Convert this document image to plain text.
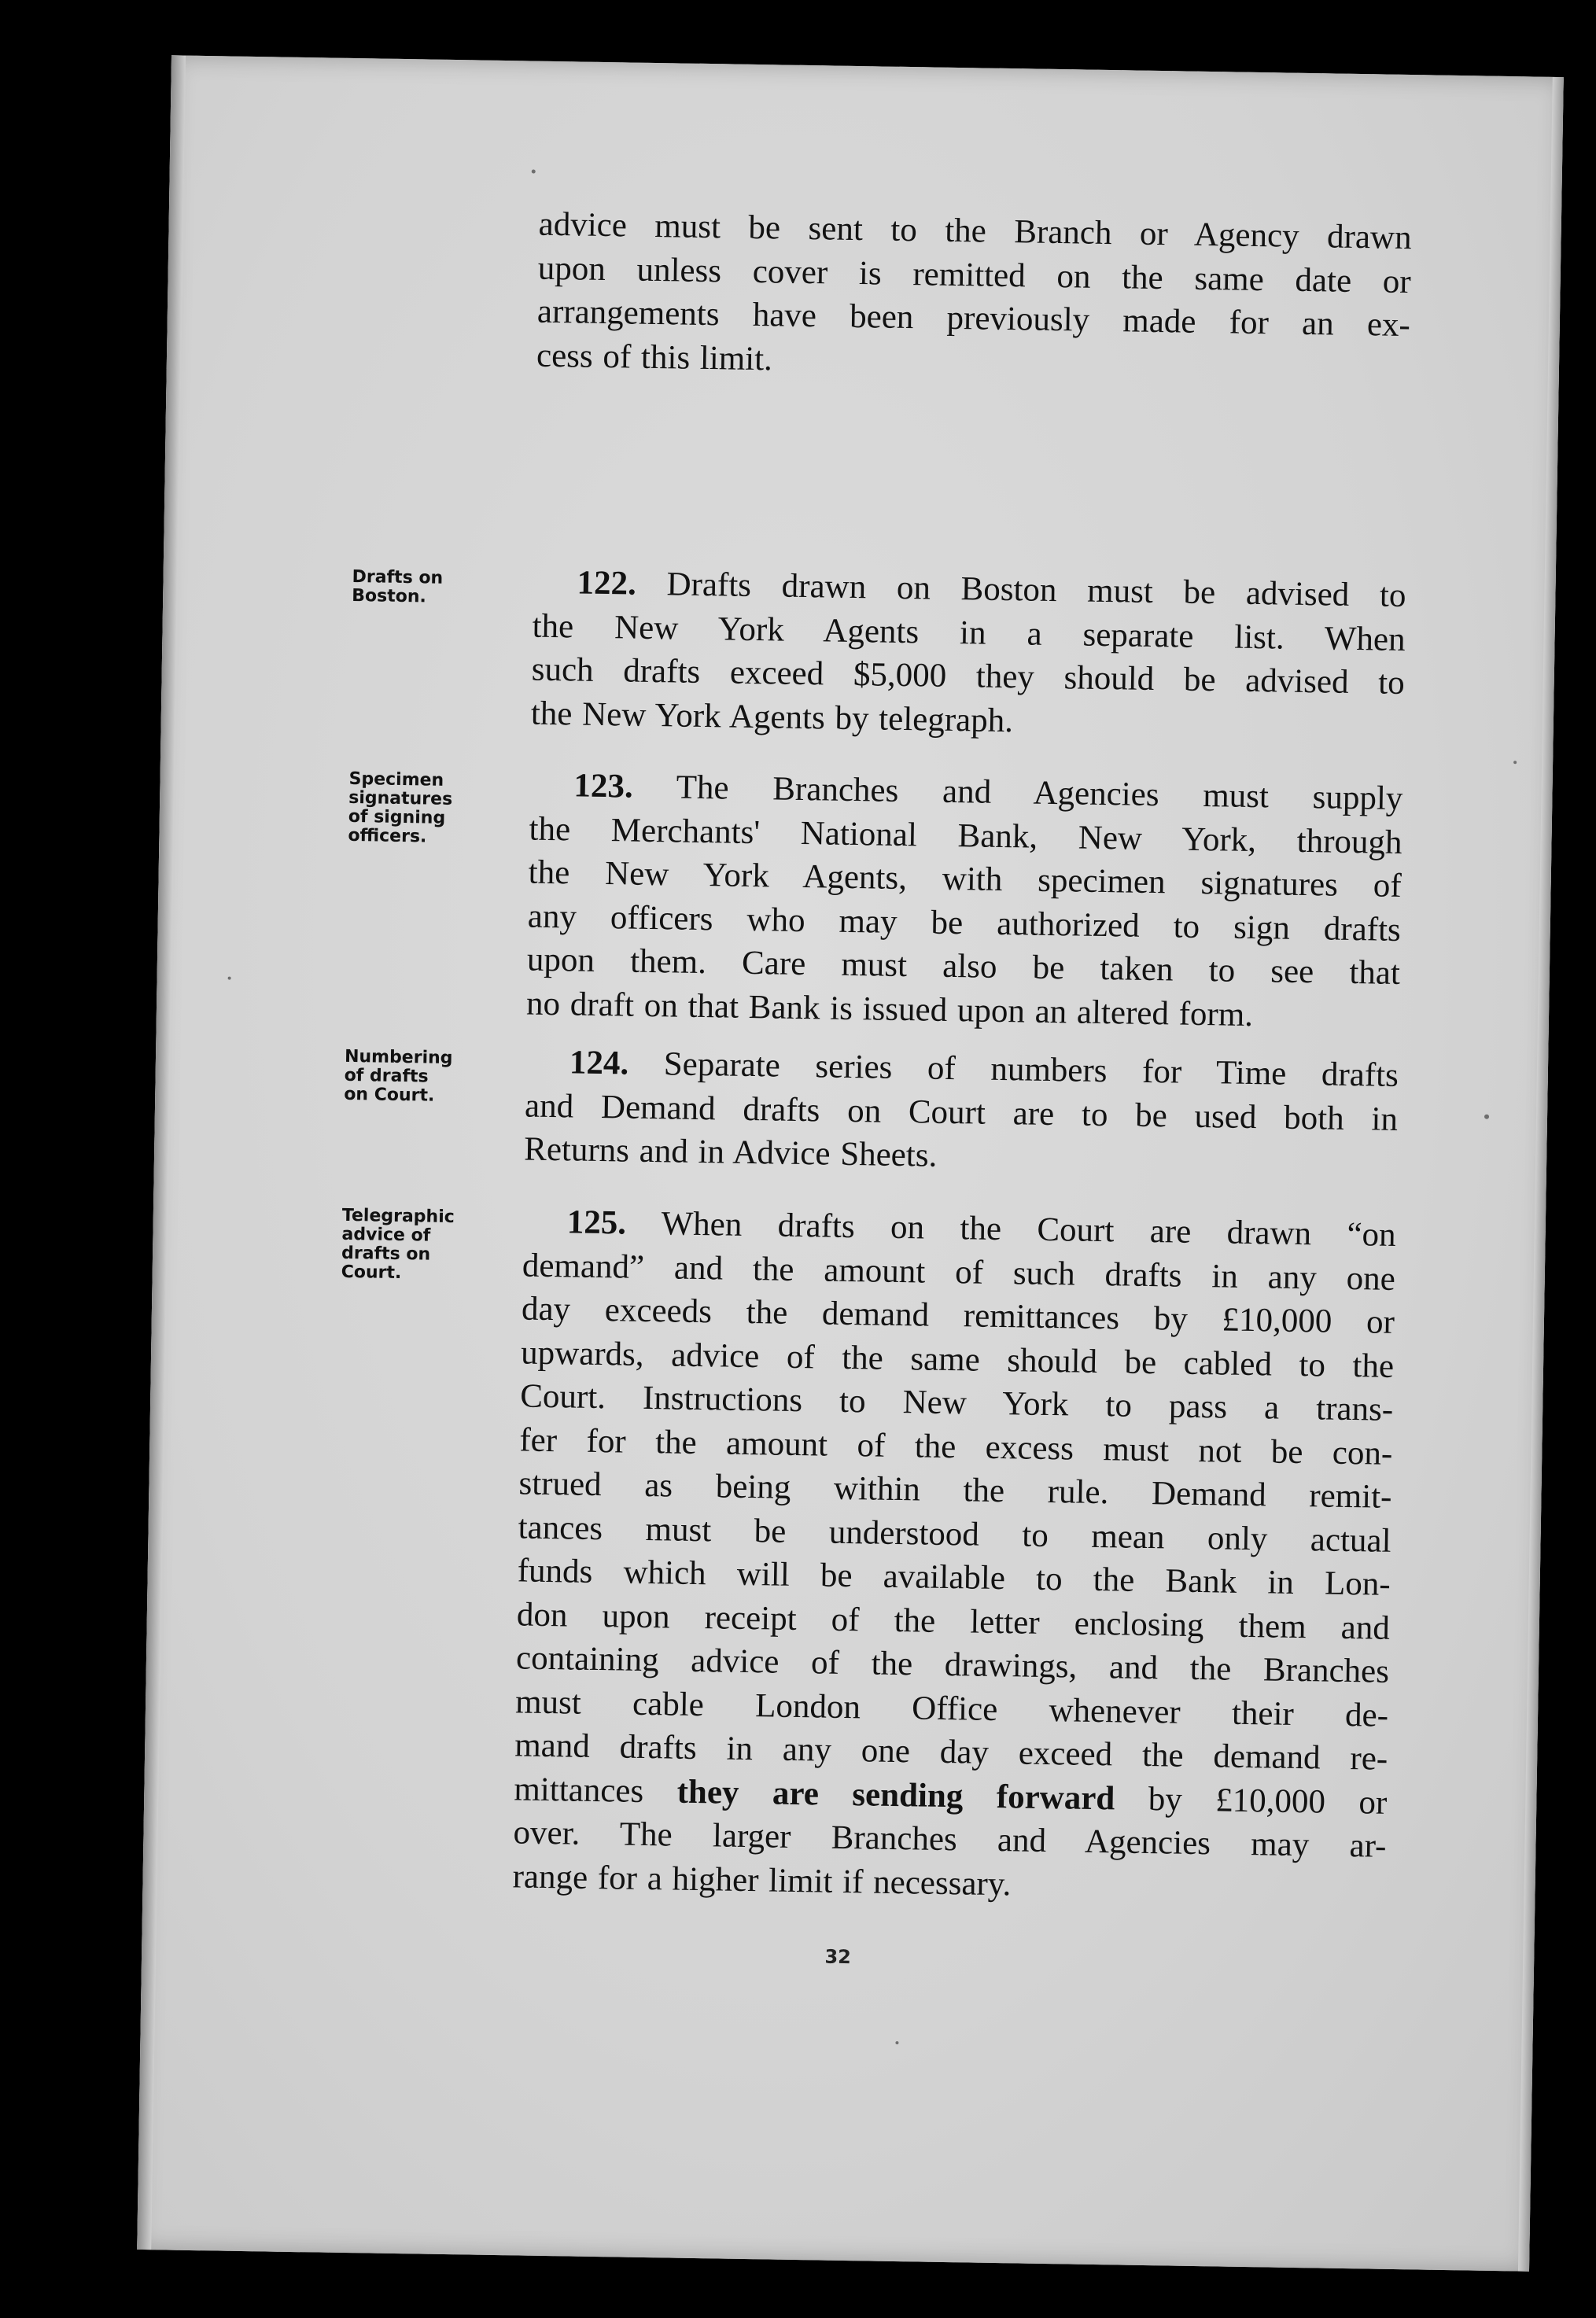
advice must be sent to the Branch or Agency drawn
upon unless cover is remitted on the same date or
arrangements have been previously made for an ex-
cess of this limit.
Drafts on
Boston.	122. Drafts drawn on Boston must be advised to
the New York Agents in a separate list. When
such drafts exceed $5,000 they should be advised to
the New York Agents by telegraph.
Specimen
signatures
of signing
officers.
123. The Branches and Agencies must supply
the Merchants' National Bank, New York, through
the New York Agents, with specimen signatures of
any officers who may be authorized to sign drafts
upon them. Care must also be taken to see that
no draft on that Bank is issued upon an altered form.
Numbering
of drafts
on Court.
124. Separate series of numbers for Time drafts
and Demand drafts on Court are to be used both in
Returns and in Advice Sheets.
Telegraphic
advice of
drafts on
Court.
125. When drafts on the Court are drawn “on
demand” and the amount of such drafts in any one
day exceeds the demand remittances by £10,000 or
upwards, advice of the same should be cabled to the
Court. Instructions to New York to pass a trans-
fer for the amount of the excess must not be con-
strued as being within the rule. Demand remit-
tances must be understood to mean only actual
funds which will be available to the Bank in Lon-
don upon receipt of the letter enclosing them and
containing advice of the drawings, and the Branches
must cable London Office whenever their de-
mand drafts in any one day exceed the demand re-
mittances they are sending forward by £10,000 or
over. The larger Branches and Agencies may ar-
range for a higher limit if necessary.
32
